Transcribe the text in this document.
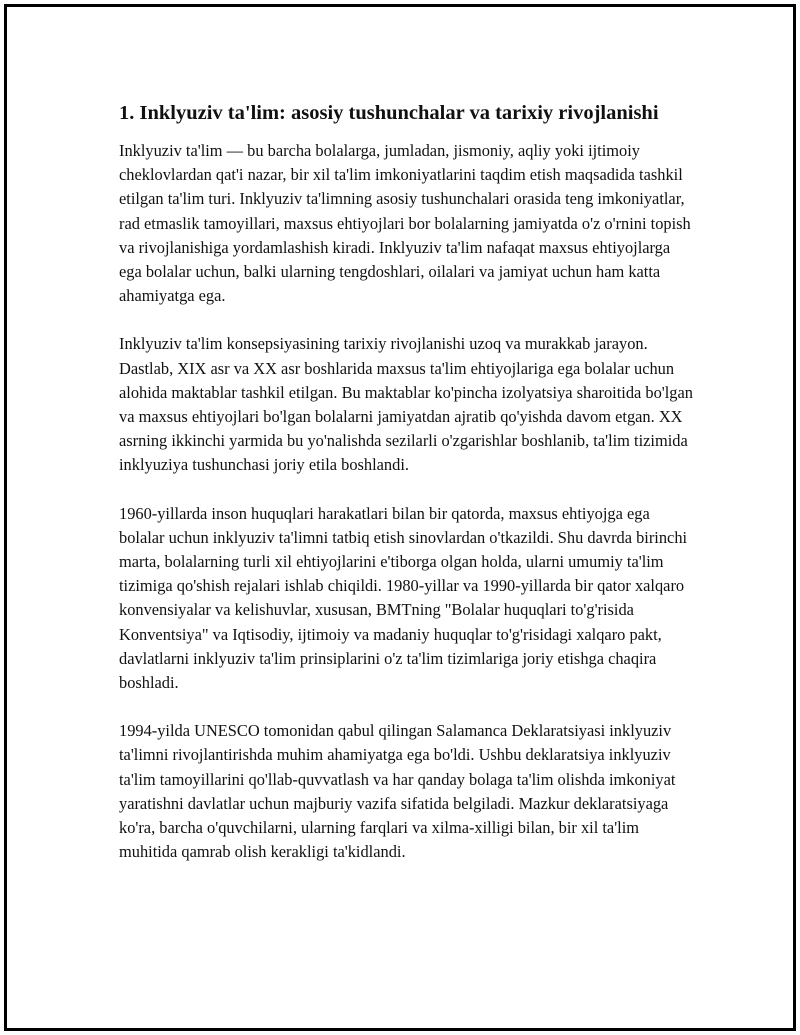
1. Inklyuziv ta'lim: asosiy tushunchalar va tarixiy rivojlanishi

Inklyuziv ta'lim — bu barcha bolalarga, jumladan, jismoniy, aqliy yoki ijtimoiy cheklovlardan qat'i nazar, bir xil ta'lim imkoniyatlarini taqdim etish maqsadida tashkil etilgan ta'lim turi. Inklyuziv ta'limning asosiy tushunchalari orasida teng imkoniyatlar, rad etmaslik tamoyillari, maxsus ehtiyojlari bor bolalarning jamiyatda o'z o'rnini topish va rivojlanishiga yordamlashish kiradi. Inklyuziv ta'lim nafaqat maxsus ehtiyojlarga ega bolalar uchun, balki ularning tengdoshlari, oilalari va jamiyat uchun ham katta ahamiyatga ega.

Inklyuziv ta'lim konsepsiyasining tarixiy rivojlanishi uzoq va murakkab jarayon. Dastlab, XIX asr va XX asr boshlarida maxsus ta'lim ehtiyojlariga ega bolalar uchun alohida maktablar tashkil etilgan. Bu maktablar ko'pincha izolyatsiya sharoitida bo'lgan va maxsus ehtiyojlari bo'lgan bolalarni jamiyatdan ajratib qo'yishda davom etgan. XX asrning ikkinchi yarmida bu yo'nalishda sezilarli o'zgarishlar boshlanib, ta'lim tizimida inklyuziya tushunchasi joriy etila boshlandi.

1960-yillarda inson huquqlari harakatlari bilan bir qatorda, maxsus ehtiyojga ega bolalar uchun inklyuziv ta'limni tatbiq etish sinovlardan o'tkazildi. Shu davrda birinchi marta, bolalarning turli xil ehtiyojlarini e'tiborga olgan holda, ularni umumiy ta'lim tizimiga qo'shish rejalari ishlab chiqildi. 1980-yillar va 1990-yillarda bir qator xalqaro konvensiyalar va kelishuvlar, xususan, BMTning "Bolalar huquqlari to'g'risida Konventsiya" va Iqtisodiy, ijtimoiy va madaniy huquqlar to'g'risidagi xalqaro pakt, davlatlarni inklyuziv ta'lim prinsiplarini o'z ta'lim tizimlariga joriy etishga chaqira boshladi.

1994-yilda UNESCO tomonidan qabul qilingan Salamanca Deklaratsiyasi inklyuziv ta'limni rivojlantirishda muhim ahamiyatga ega bo'ldi. Ushbu deklaratsiya inklyuziv ta'lim tamoyillarini qo'llab-quvvatlash va har qanday bolaga ta'lim olishda imkoniyat yaratishni davlatlar uchun majburiy vazifa sifatida belgiladi. Mazkur deklaratsiyaga ko'ra, barcha o'quvchilarni, ularning farqlari va xilma-xilligi bilan, bir xil ta'lim muhitida qamrab olish kerakligi ta'kidlandi.
